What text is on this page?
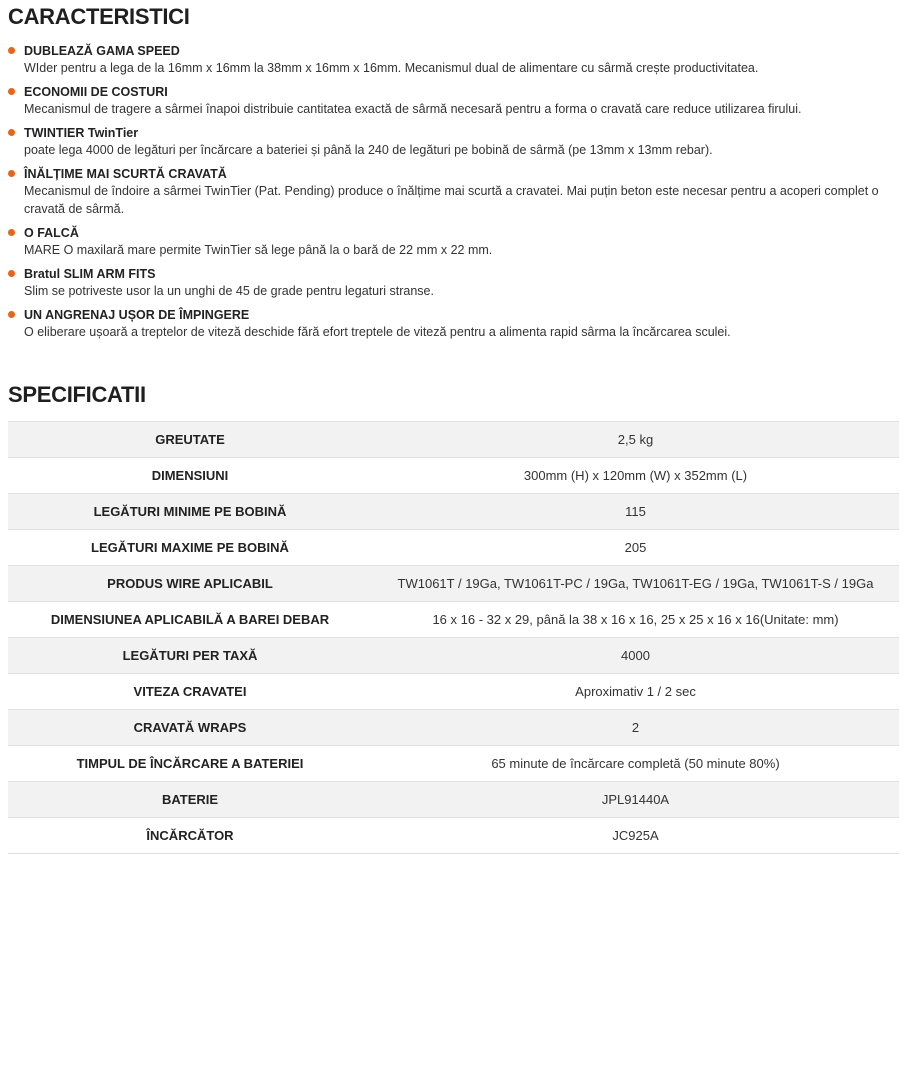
CARACTERISTICI
DUBLEAZĂ GAMA SPEED
WIder pentru a lega de la 16mm x 16mm la 38mm x 16mm x 16mm. Mecanismul dual de alimentare cu sârmă crește productivitatea.
ECONOMII DE COSTURI
Mecanismul de tragere a sârmei înapoi distribuie cantitatea exactă de sârmă necesară pentru a forma o cravată care reduce utilizarea firului.
TWINTIER TwinTier
poate lega 4000 de legături per încărcare a bateriei și până la 240 de legături pe bobină de sârmă (pe 13mm x 13mm rebar).
ÎNĂLȚIME MAI SCURTĂ CRAVATĂ
Mecanismul de îndoire a sârmei TwinTier (Pat. Pending) produce o înălțime mai scurtă a cravatei. Mai puțin beton este necesar pentru a acoperi complet o cravată de sârmă.
O FALCĂ
MARE O maxilară mare permite TwinTier să lege până la o bară de 22 mm x 22 mm.
Bratul SLIM ARM FITS
Slim se potriveste usor la un unghi de 45 de grade pentru legaturi stranse.
UN ANGRENAJ UȘOR DE ÎMPINGERE
O eliberare ușoară a treptelor de viteză deschide fără efort treptele de viteză pentru a alimenta rapid sârma la încărcarea sculei.
SPECIFICATII
GREUTATE	2,5 kg
DIMENSIUNI	300mm (H) x 120mm (W) x 352mm (L)
LEGĂTURI MINIME PE BOBINĂ	115
LEGĂTURI MAXIME PE BOBINĂ	205
PRODUS WIRE APLICABIL	TW1061T / 19Ga, TW1061T-PC / 19Ga, TW1061T-EG / 19Ga, TW1061T-S / 19Ga
DIMENSIUNEA APLICABILĂ A BAREI DEBAR	16 x 16 - 32 x 29, până la 38 x 16 x 16, 25 x 25 x 16 x 16(Unitate: mm)
LEGĂTURI PER TAXĂ	4000
VITEZA CRAVATEI	Aproximativ 1 / 2 sec
CRAVATĂ WRAPS	2
TIMPUL DE ÎNCĂRCARE A BATERIEI	65 minute de încărcare completă (50 minute 80%)
BATERIE	JPL91440A
ÎNCĂRCĂTOR	JC925A
